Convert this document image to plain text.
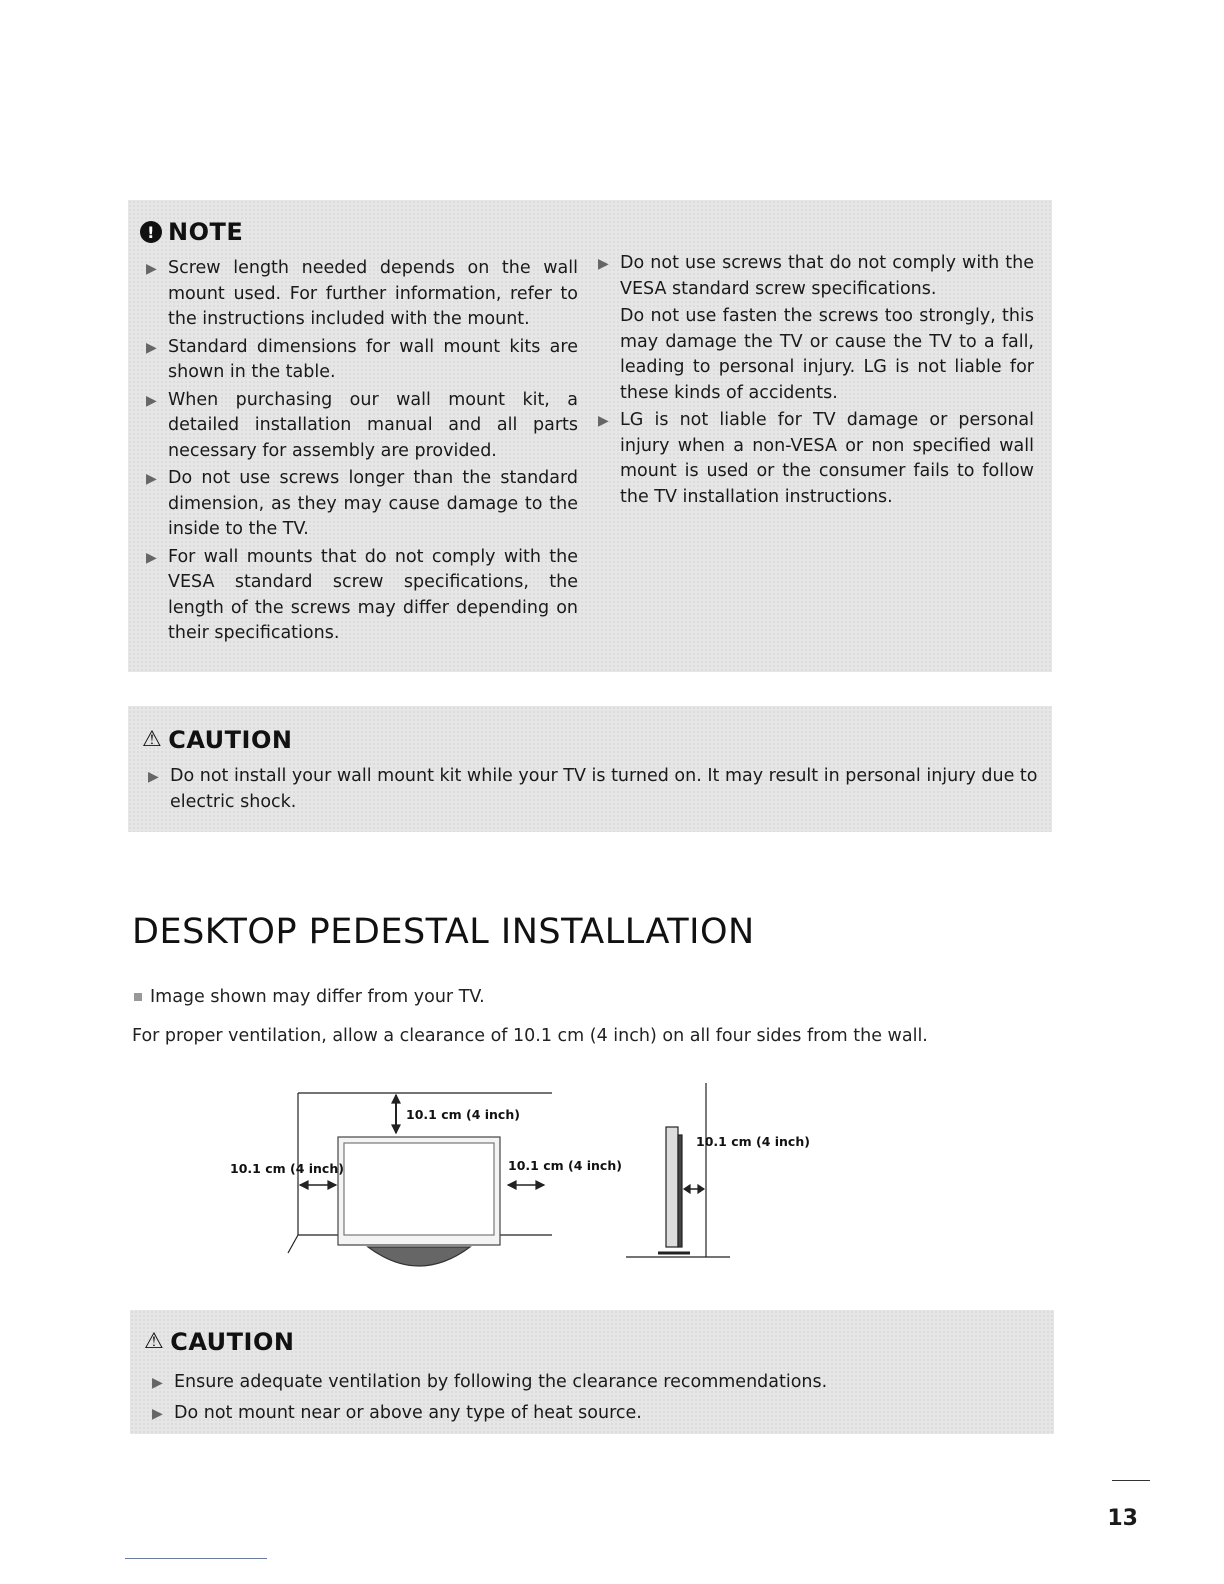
! NOTE
▶ Screw length needed depends on the wall mount used. For further information, refer to the instructions included with the mount.
▶ Standard dimensions for wall mount kits are shown in the table.
▶ When purchasing our wall mount kit, a detailed installation manual and all parts necessary for assembly are provided.
▶ Do not use screws longer than the standard dimension, as they may cause damage to the inside to the TV.
▶ For wall mounts that do not comply with the VESA standard screw specifications, the length of the screws may differ depending on their specifications.
▶ Do not use screws that do not comply with the VESA standard screw specifications.
Do not use fasten the screws too strongly, this may damage the TV or cause the TV to a fall, leading to personal injury. LG is not liable for these kinds of accidents.
▶ LG is not liable for TV damage or personal injury when a non-VESA or non specified wall mount is used or the consumer fails to follow the TV installation instructions.
⚠ CAUTION
▶ Do not install your wall mount kit while your TV is turned on. It may result in personal injury due to electric shock.
DESKTOP PEDESTAL INSTALLATION
Image shown may differ from your TV.
For proper ventilation, allow a clearance of 10.1 cm (4 inch) on all four sides from the wall.
10.1 cm (4 inch)
10.1 cm (4 inch)	10.1 cm (4 inch)
10.1 cm (4 inch)
⚠ CAUTION
▶ Ensure adequate ventilation by following the clearance recommendations.
▶ Do not mount near or above any type of heat source.
13
